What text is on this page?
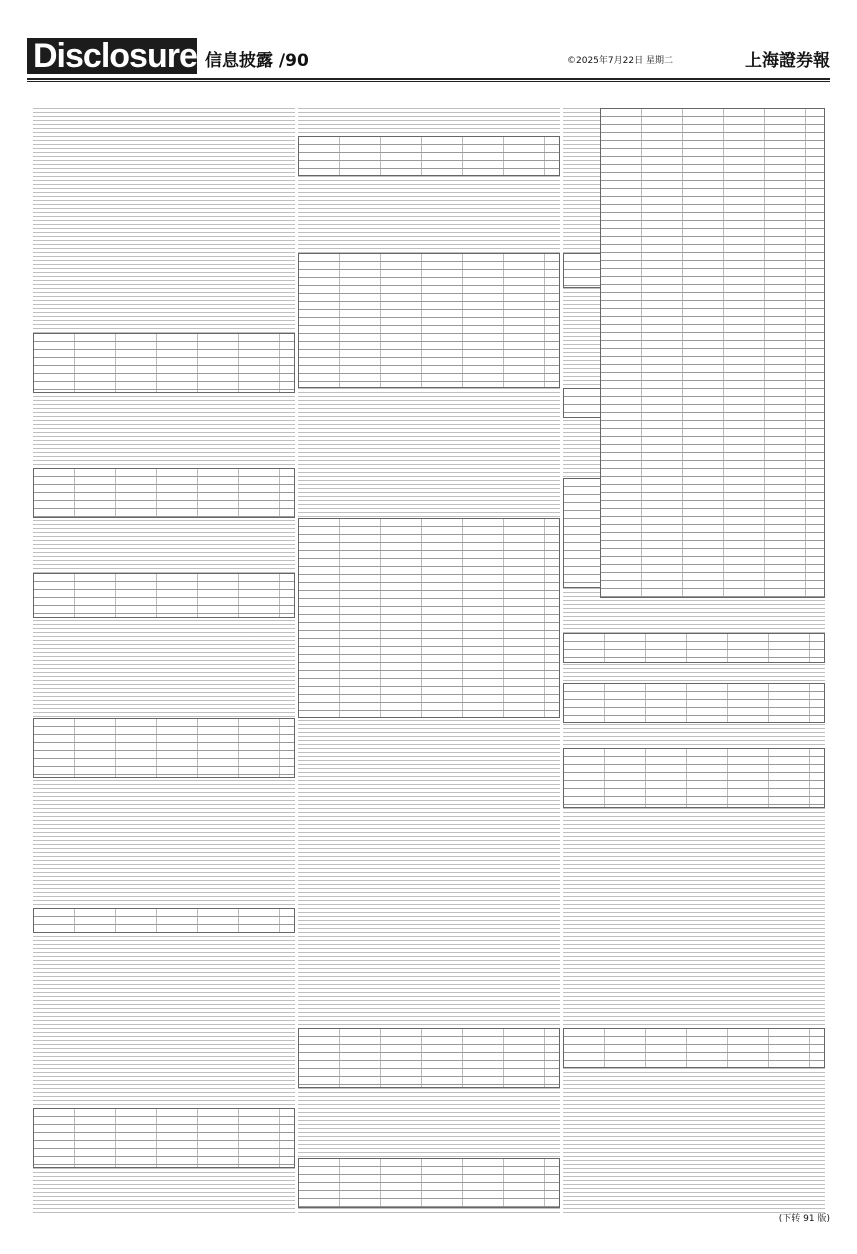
Disclosure 信息披露 /90	©2025年7月22日 星期二	上海證券報
(下转 91 版)
